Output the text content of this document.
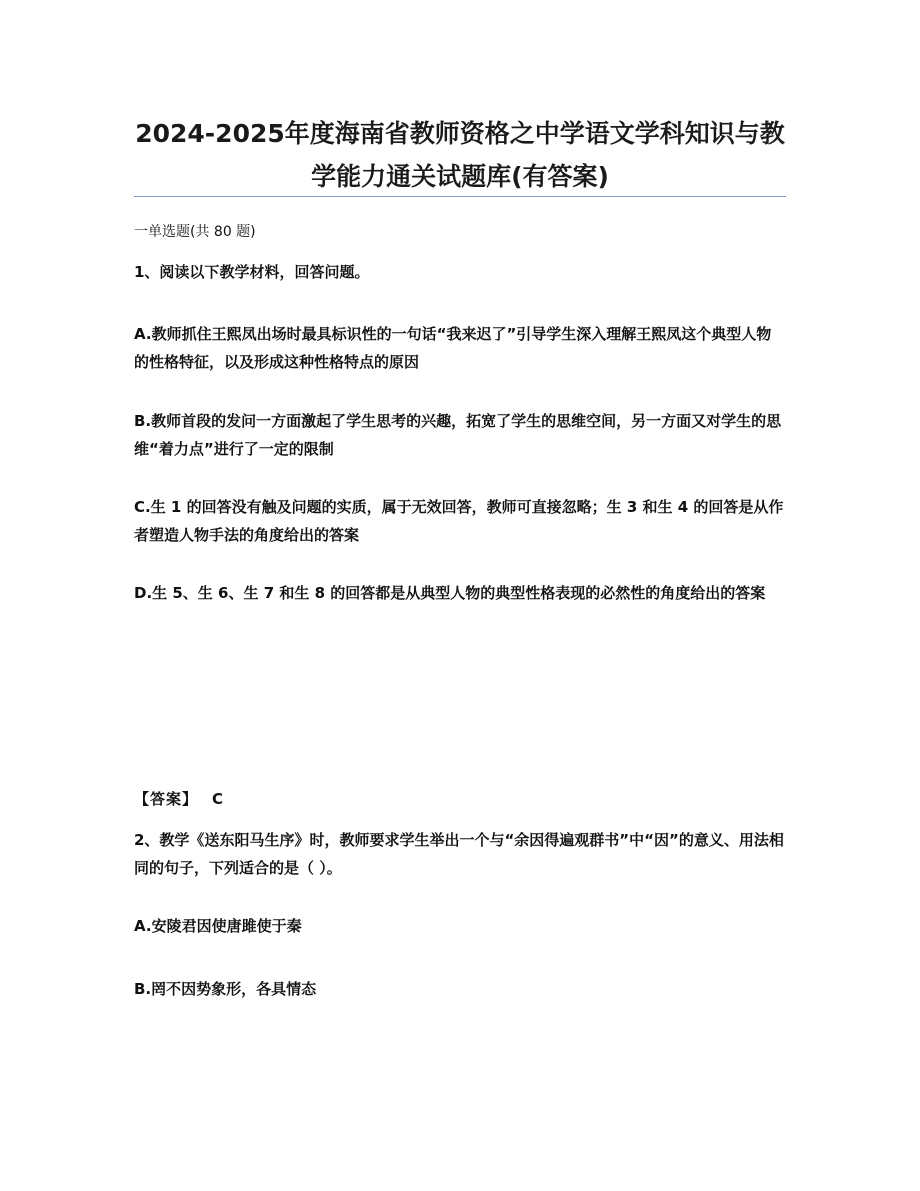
2024-2025年度海南省教师资格之中学语文学科知识与教学能力通关试题库(有答案)
一单选题(共 80 题)
1、阅读以下教学材料，回答问题。
A.教师抓住王熙凤出场时最具标识性的一句话“我来迟了”引导学生深入理解王熙凤这个典型人物的性格特征，以及形成这种性格特点的原因
B.教师首段的发问一方面激起了学生思考的兴趣，拓宽了学生的思维空间，另一方面又对学生的思维“着力点”进行了一定的限制
C.生 1 的回答没有触及问题的实质，属于无效回答，教师可直接忽略；生 3 和生 4 的回答是从作者塑造人物手法的角度给出的答案
D.生 5、生 6、生 7 和生 8 的回答都是从典型人物的典型性格表现的必然性的角度给出的答案
【答案】 C
2、教学《送东阳马生序》时，教师要求学生举出一个与“余因得遍观群书”中“因”的意义、用法相同的句子，下列适合的是（ ）。
A.安陵君因使唐雎使于秦
B.罔不因势象形，各具情态
